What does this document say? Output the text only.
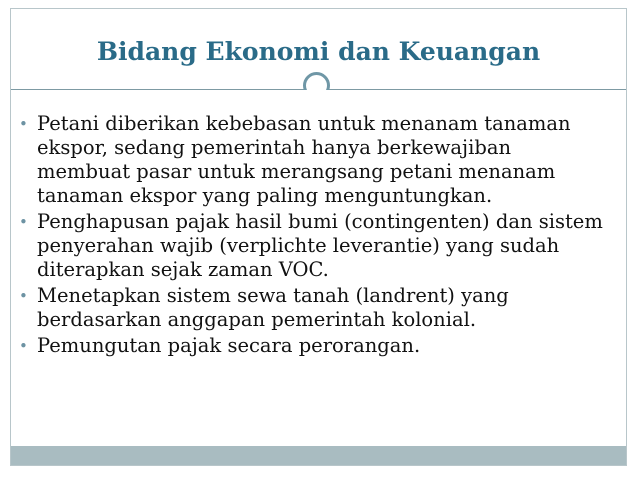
Bidang Ekonomi dan Keuangan
• Petani diberikan kebebasan untuk menanam tanaman ekspor, sedang pemerintah hanya berkewajiban membuat pasar untuk merangsang petani menanam tanaman ekspor yang paling menguntungkan.
• Penghapusan pajak hasil bumi (contingenten) dan sistem penyerahan wajib (verplichte leverantie) yang sudah diterapkan sejak zaman VOC.
• Menetapkan sistem sewa tanah (landrent) yang berdasarkan anggapan pemerintah kolonial.
• Pemungutan pajak secara perorangan.
